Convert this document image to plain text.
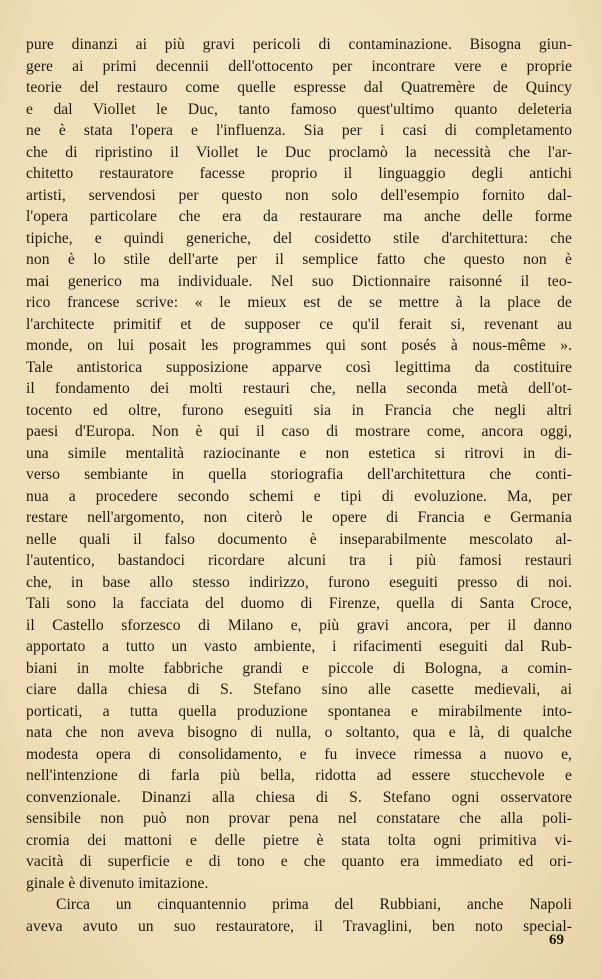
pure dinanzi ai più gravi pericoli di contaminazione. Bisogna giun-
gere ai primi decennii dell'ottocento per incontrare vere e proprie
teorie del restauro come quelle espresse dal Quatremère de Quincy
e dal Viollet le Duc, tanto famoso quest'ultimo quanto deleteria
ne è stata l'opera e l'influenza. Sia per i casi di completamento
che di ripristino il Viollet le Duc proclamò la necessità che l'ar-
chitetto restauratore facesse proprio il linguaggio degli antichi
artisti, servendosi per questo non solo dell'esempio fornito dal-
l'opera particolare che era da restaurare ma anche delle forme
tipiche, e quindi generiche, del cosidetto stile d'architettura: che
non è lo stile dell'arte per il semplice fatto che questo non è
mai generico ma individuale. Nel suo Dictionnaire raisonné il teo-
rico francese scrive: « le mieux est de se mettre à la place de
l'architecte primitif et de supposer ce qu'il ferait si, revenant au
monde, on lui posait les programmes qui sont posés à nous-même ».
Tale antistorica supposizione apparve così legittima da costituire
il fondamento dei molti restauri che, nella seconda metà dell'ot-
tocento ed oltre, furono eseguiti sia in Francia che negli altri
paesi d'Europa. Non è qui il caso di mostrare come, ancora oggi,
una simile mentalità raziocinante e non estetica si ritrovi in di-
verso sembiante in quella storiografia dell'architettura che conti-
nua a procedere secondo schemi e tipi di evoluzione. Ma, per
restare nell'argomento, non citerò le opere di Francia e Germania
nelle quali il falso documento è inseparabilmente mescolato al-
l'autentico, bastandoci ricordare alcuni tra i più famosi restauri
che, in base allo stesso indirizzo, furono eseguiti presso di noi.
Tali sono la facciata del duomo di Firenze, quella di Santa Croce,
il Castello sforzesco di Milano e, più gravi ancora, per il danno
apportato a tutto un vasto ambiente, i rifacimenti eseguiti dal Rub-
biani in molte fabbriche grandi e piccole di Bologna, a comin-
ciare dalla chiesa di S. Stefano sino alle casette medievali, ai
porticati, a tutta quella produzione spontanea e mirabilmente into-
nata che non aveva bisogno di nulla, o soltanto, qua e là, di qualche
modesta opera di consolidamento, e fu invece rimessa a nuovo e,
nell'intenzione di farla più bella, ridotta ad essere stucchevole e
convenzionale. Dinanzi alla chiesa di S. Stefano ogni osservatore
sensibile non può non provar pena nel constatare che alla poli-
cromia dei mattoni e delle pietre è stata tolta ogni primitiva vi-
vacità di superficie e di tono e che quanto era immediato ed ori-
ginale è divenuto imitazione.
Circa un cinquantennio prima del Rubbiani, anche Napoli
aveva avuto un suo restauratore, il Travaglini, ben noto special-
69
